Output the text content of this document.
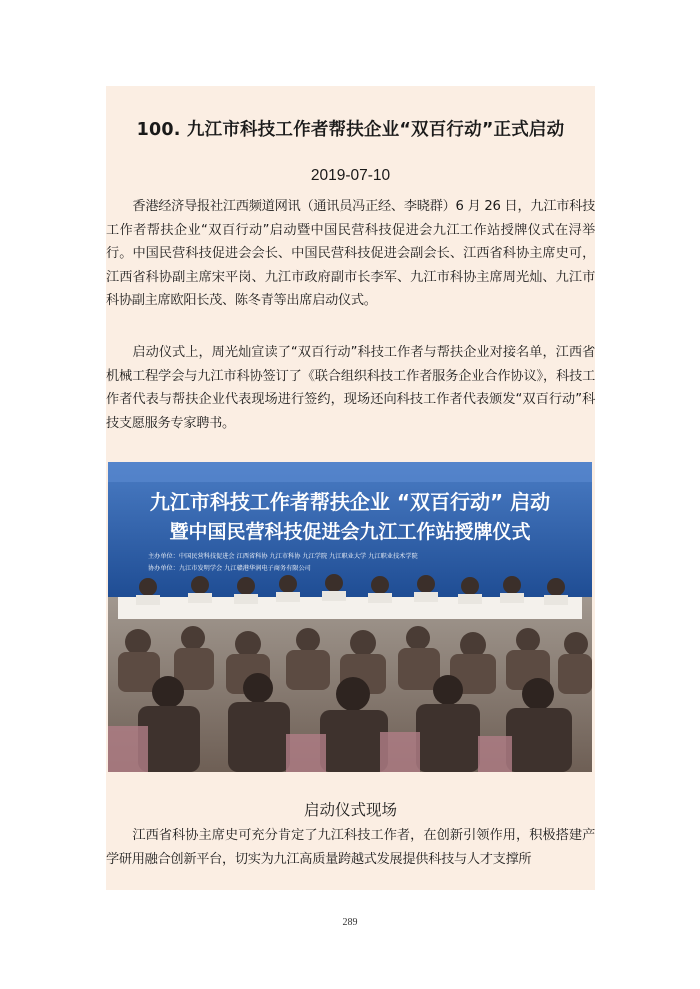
100. 九江市科技工作者帮扶企业“双百行动”正式启动
2019-07-10

香港经济导报社江西频道网讯（通讯员冯正经、李晓群）6 月 26 日，九江市科技工作者帮扶企业“双百行动”启动暨中国民营科技促进会九江工作站授牌仪式在浔举行。中国民营科技促进会会长、中国民营科技促进会副会长、江西省科协主席史可，江西省科协副主席宋平岗、九江市政府副市长李军、九江市科协主席周光灿、九江市科协副主席欧阳长茂、陈冬青等出席启动仪式。

启动仪式上，周光灿宣读了“双百行动”科技工作者与帮扶企业对接名单，江西省机械工程学会与九江市科协签订了《联合组织科技工作者服务企业合作协议》，科技工作者代表与帮扶企业代表现场进行签约，现场还向科技工作者代表颁发“双百行动”科技支愿服务专家聘书。

九江市科技工作者帮扶企业 “双百行动” 启动
暨中国民营科技促进会九江工作站授牌仪式
主办单位：中国民营科技促进会 江西省科协 九江市科协 九江学院 九江职业大学 九江职业技术学院
协办单位：九江市发明学会 九江赣港华润电子商务有限公司
启动仪式现场

江西省科协主席史可充分肯定了九江科技工作者，在创新引领作用，积极搭建产学研用融合创新平台，切实为九江高质量跨越式发展提供科技与人才支撑所

289
